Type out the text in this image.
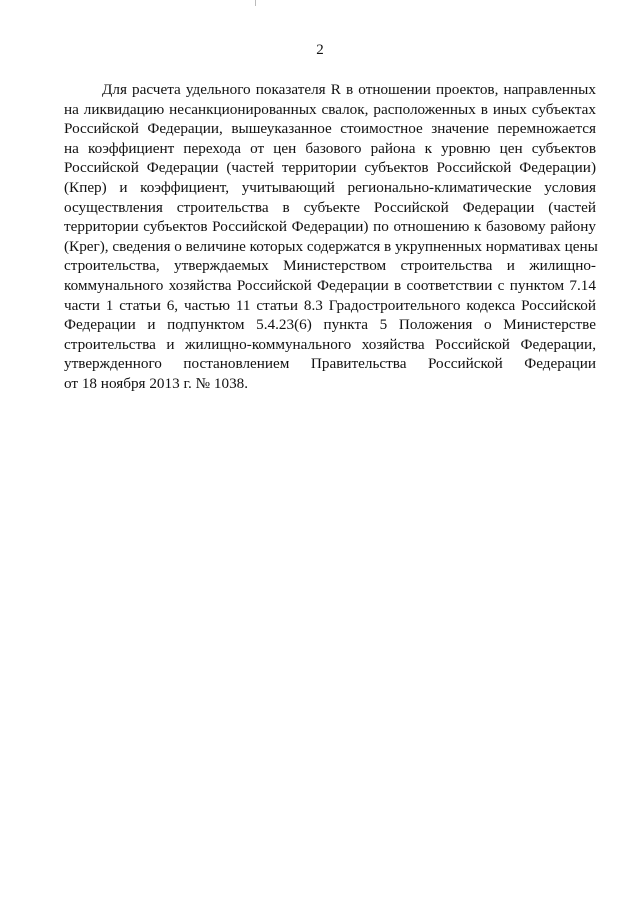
2
Для расчета удельного показателя R в отношении проектов, направленных
на ликвидацию несанкционированных свалок, расположенных в иных субъектах
Российской Федерации, вышеуказанное стоимостное значение перемножается
на коэффициент перехода от цен базового района к уровню цен субъектов
Российской Федерации (частей территории субъектов Российской Федерации)
(Кпер) и коэффициент, учитывающий регионально-климатические условия
осуществления строительства в субъекте Российской Федерации (частей
территории субъектов Российской Федерации) по отношению к базовому району
(Крег), сведения о величине которых содержатся в укрупненных нормативах цены
строительства, утверждаемых Министерством строительства и жилищно-
коммунального хозяйства Российской Федерации в соответствии с пунктом 7.14
части 1 статьи 6, частью 11 статьи 8.3 Градостроительного кодекса Российской
Федерации и подпунктом 5.4.23(6) пункта 5 Положения о Министерстве
строительства и жилищно-коммунального хозяйства Российской Федерации,
утвержденного постановлением Правительства Российской Федерации
от 18 ноября 2013 г. № 1038.
